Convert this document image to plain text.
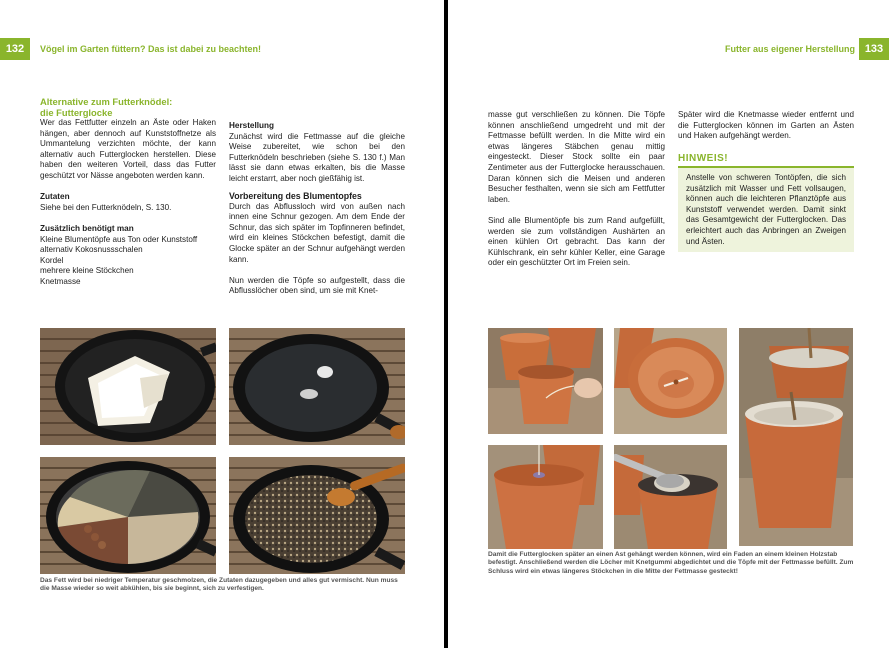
132	Vögel im Garten füttern? Das ist dabei zu beachten!
Alternative zum Futterknödel:
die Futterglocke

Wer das Fettfutter einzeln an Äste oder Haken hängen, aber dennoch auf Kunststoffnetze als Ummantelung verzichten möchte, der kann alternativ auch Futterglocken herstellen. Diese haben den weiteren Vorteil, dass das Futter geschützt vor Nässe angeboten werden kann.

Zutaten

Siehe bei den Futterknödeln, S. 130.

Zusätzlich benötigt man
Kleine Blumentöpfe aus Ton oder Kunststoff
alternativ Kokosnussschalen
Kordel
mehrere kleine Stöckchen
Knetmasse
Herstellung

Zunächst wird die Fettmasse auf die gleiche Weise zubereitet, wie schon bei den Futterknödeln beschrieben (siehe S. 130 f.) Man lässt sie dann etwas erkalten, bis die Masse leicht erstarrt, aber noch gießfähig ist.

Vorbereitung des Blumentopfes

Durch das Abflussloch wird von außen nach innen eine Schnur gezogen. Am dem Ende der Schnur, das sich später im Topfinneren befindet, wird ein kleines Stöckchen befestigt, damit die Glocke später an der Schnur aufgehängt werden kann.

Nun werden die Töpfe so aufgestellt, dass die Abflusslöcher oben sind, um sie mit Knet-

Das Fett wird bei niedriger Temperatur geschmolzen, die Zutaten dazugegeben und alles gut vermischt. Nun muss die Masse wieder so weit abkühlen, bis sie beginnt, sich zu verfestigen.
Futter aus eigener Herstellung 133

masse gut verschließen zu können. Die Töpfe können anschließend umgedreht und mit der Fettmasse befüllt werden. In die Mitte wird ein etwas längeres Stäbchen genau mittig eingesteckt. Dieser Stock sollte ein paar Zentimeter aus der Futterglocke herausschauen. Daran können sich die Meisen und anderen Besucher festhalten, wenn sie sich am Fettfutter laben.

Sind alle Blumentöpfe bis zum Rand aufgefüllt, werden sie zum vollständigen Aushärten an einen kühlen Ort gebracht. Das kann der Kühlschrank, ein sehr kühler Keller, eine Garage oder ein geschützter Ort im Freien sein.

Später wird die Knetmasse wieder entfernt und die Futterglocken können im Garten an Ästen und Haken aufgehängt werden.

HINWEIS!
Anstelle von schweren Tontöpfen, die sich zusätzlich mit Wasser und Fett vollsaugen, können auch die leichteren Pflanztöpfe aus Kunststoff verwendet werden. Damit sinkt das Gesamtgewicht der Futterglocken. Das erleichtert auch das Anbringen an Zweigen und Ästen.
Damit die Futterglocken später an einen Ast gehängt werden können, wird ein Faden an einem kleinen Holzstab befestigt. Anschließend werden die Löcher mit Knetgummi abgedichtet und die Töpfe mit der Fettmasse befüllt. Zum Schluss wird ein etwas längeres Stöckchen in die Mitte der Fettmasse gesteckt!
